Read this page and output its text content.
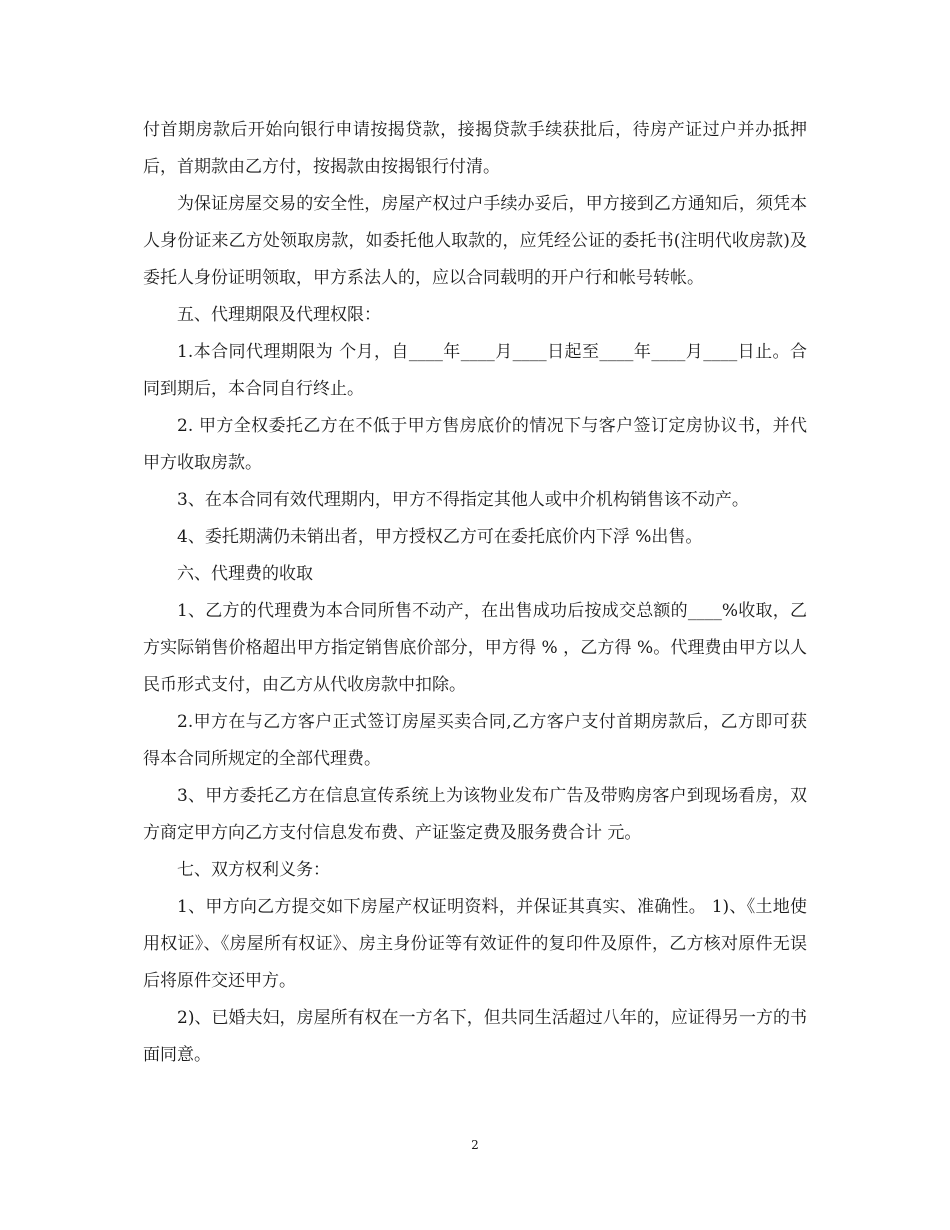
付首期房款后开始向银行申请按揭贷款，接揭贷款手续获批后，待房产证过户并办抵押后，首期款由乙方付，按揭款由按揭银行付清。

为保证房屋交易的安全性，房屋产权过户手续办妥后，甲方接到乙方通知后，须凭本人身份证来乙方处领取房款，如委托他人取款的，应凭经公证的委托书(注明代收房款)及委托人身份证明领取，甲方系法人的，应以合同载明的开户行和帐号转帐。

五、代理期限及代理权限：

1.本合同代理期限为 个月，自____年____月____日起至____年____月____日止。合同到期后，本合同自行终止。

2. 甲方全权委托乙方在不低于甲方售房底价的情况下与客户签订定房协议书，并代甲方收取房款。

3、在本合同有效代理期内，甲方不得指定其他人或中介机构销售该不动产。

4、委托期满仍未销出者，甲方授权乙方可在委托底价内下浮 %出售。

六、代理费的收取

1、乙方的代理费为本合同所售不动产，在出售成功后按成交总额的____%收取，乙方实际销售价格超出甲方指定销售底价部分，甲方得 % ，乙方得 %。代理费由甲方以人民币形式支付，由乙方从代收房款中扣除。

2.甲方在与乙方客户正式签订房屋买卖合同,乙方客户支付首期房款后，乙方即可获得本合同所规定的全部代理费。

3、甲方委托乙方在信息宣传系统上为该物业发布广告及带购房客户到现场看房，双方商定甲方向乙方支付信息发布费、产证鉴定费及服务费合计 元。

七、双方权利义务：

1、甲方向乙方提交如下房屋产权证明资料，并保证其真实、准确性。 1)、《土地使用权证》、《房屋所有权证》、房主身份证等有效证件的复印件及原件，乙方核对原件无误后将原件交还甲方。

2)、已婚夫妇，房屋所有权在一方名下，但共同生活超过八年的，应证得另一方的书面同意。

2
